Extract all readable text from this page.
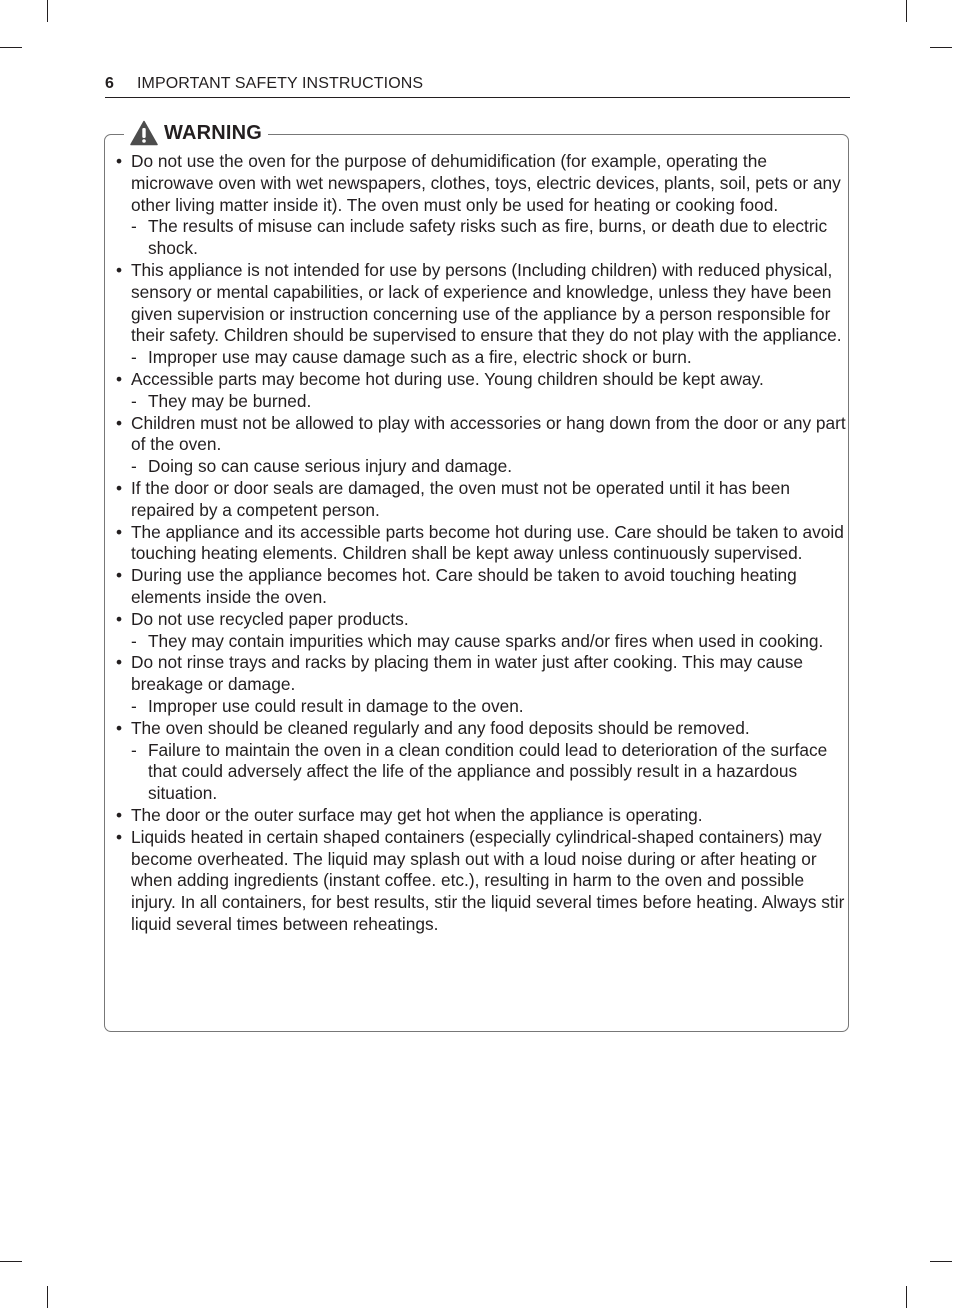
6 IMPORTANT SAFETY INSTRUCTIONS
WARNING
• Do not use the oven for the purpose of dehumidification (for example, operating the microwave oven with wet newspapers, clothes, toys, electric devices, plants, soil, pets or any other living matter inside it). The oven must only be used for heating or cooking food.
- The results of misuse can include safety risks such as fire, burns, or death due to electric shock.
• This appliance is not intended for use by persons (Including children) with reduced physical, sensory or mental capabilities, or lack of experience and knowledge, unless they have been given supervision or instruction concerning use of the appliance by a person responsible for their safety. Children should be supervised to ensure that they do not play with the appliance.
- Improper use may cause damage such as a fire, electric shock or burn.
• Accessible parts may become hot during use. Young children should be kept away.
- They may be burned.
• Children must not be allowed to play with accessories or hang down from the door or any part of the oven.
- Doing so can cause serious injury and damage.
• If the door or door seals are damaged, the oven must not be operated until it has been repaired by a competent person.
• The appliance and its accessible parts become hot during use. Care should be taken to avoid touching heating elements. Children shall be kept away unless continuously supervised.
• During use the appliance becomes hot. Care should be taken to avoid touching heating elements inside the oven.
• Do not use recycled paper products.
- They may contain impurities which may cause sparks and/or fires when used in cooking.
• Do not rinse trays and racks by placing them in water just after cooking. This may cause breakage or damage.
- Improper use could result in damage to the oven.
• The oven should be cleaned regularly and any food deposits should be removed.
- Failure to maintain the oven in a clean condition could lead to deterioration of the surface that could adversely affect the life of the appliance and possibly result in a hazardous situation.
• The door or the outer surface may get hot when the appliance is operating.
• Liquids heated in certain shaped containers (especially cylindrical-shaped containers) may become overheated. The liquid may splash out with a loud noise during or after heating or when adding ingredients (instant coffee. etc.), resulting in harm to the oven and possible injury. In all containers, for best results, stir the liquid several times before heating. Always stir liquid several times between reheatings.
